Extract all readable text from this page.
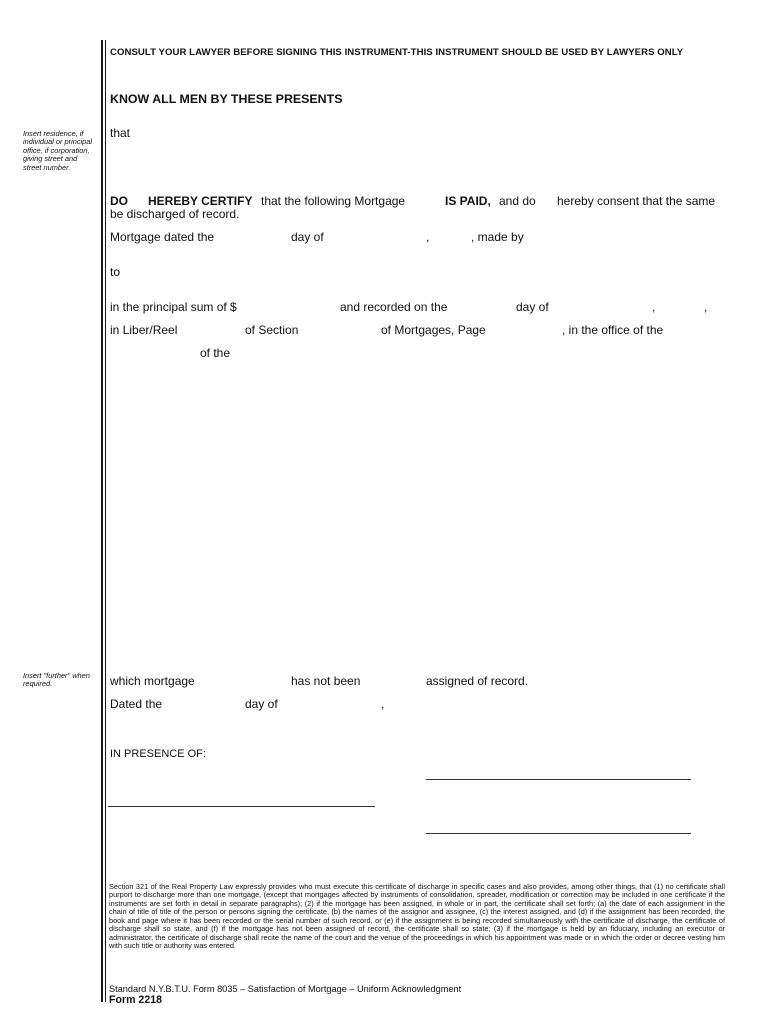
CONSULT YOUR LAWYER BEFORE SIGNING THIS INSTRUMENT-THIS INSTRUMENT SHOULD BE USED BY LAWYERS ONLY
KNOW ALL MEN BY THESE PRESENTS
Insert residence, if individual or principal office, if corporation, giving street and street number.
Insert "further" when required.
that
DO HEREBY CERTIFY that the following Mortgage	IS PAID, and do hereby consent that the same
be discharged of record.
Mortgage dated the	day of	,	, made by
to
in the principal sum of $	and recorded on the	day of	,	,
in Liber/Reel	of Section	of Mortgages, Page	, in the office of the
of the
which mortgage	has not been	assigned of record.
Dated the	day of	,
IN PRESENCE OF:
Section 321 of the Real Property Law expressly provides who must execute this certificate of discharge in specific cases and also provides, among other things, that (1) no certificate shall purport to discharge more than one mortgage, (except that mortgages affected by instruments of consolidation, spreader, modification or correction may be included in one certificate if the instruments are set forth in detail in separate paragraphs); (2) if the mortgage has been assigned, in whole or in part, the certificate shall set forth; (a) the date of each assignment in the chain of title of title of the person or persons signing the certificate, (b) the names of the assignor and assignee, (c) the interest assigned, and (d) if the assignment has been recorded, the book and page where it has been recorded or the serial number of such record, or (e) if the assignment is being recorded simultaneously with the certificate of discharge, the certificate of discharge shall so state, and (f) if the mortgage has not been assigned of record, the certificate shall so state; (3) if the mortgage is held by an fiduciary, including an executor or administrator, the certificate of discharge shall recite the name of the court and the venue of the proceedings in which his appointment was made or in which the order or decree vesting him with such title or authority was entered.
Standard N.Y.B.T.U. Form 8035 – Satisfaction of Mortgage – Uniform Acknowledgment
Form 2218
